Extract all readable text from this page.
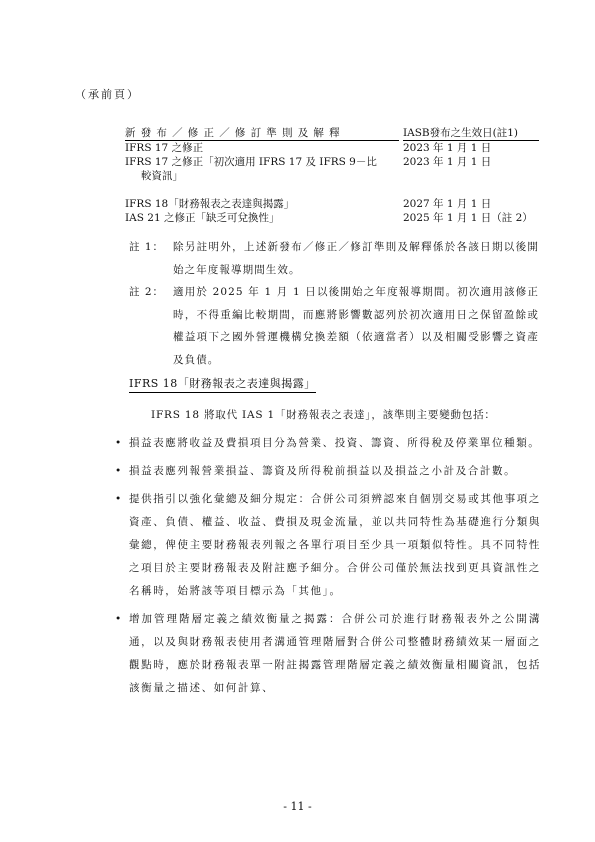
（承前頁）
新發布／修正／修訂準則及解釋	IASB發布之生效日(註1)
IFRS 17 之修正	2023 年 1 月 1 日
IFRS 17 之修正「初次適用 IFRS 17 及 IFRS 9－比	2023 年 1 月 1 日
較資訊」
IFRS 18「財務報表之表達與揭露」	2027 年 1 月 1 日
IAS 21 之修正「缺乏可兌換性」	2025 年 1 月 1 日（註 2）
註 1： 除另註明外，上述新發布／修正／修訂準則及解釋係於各該日期以後開始之年度報導期間生效。
註 2： 適用於 2025 年 1 月 1 日以後開始之年度報導期間。初次適用該修正時，不得重編比較期間，而應將影響數認列於初次適用日之保留盈餘或權益項下之國外營運機構兌換差額（依適當者）以及相關受影響之資產及負債。
IFRS 18「財務報表之表達與揭露」
IFRS 18 將取代 IAS 1「財務報表之表達」，該準則主要變動包括：
• 損益表應將收益及費損項目分為營業、投資、籌資、所得稅及停業單位種類。
• 損益表應列報營業損益、籌資及所得稅前損益以及損益之小計及合計數。
• 提供指引以強化彙總及細分規定：合併公司須辨認來自個別交易或其他事項之資產、負債、權益、收益、費損及現金流量，並以共同特性為基礎進行分類與彙總，俾使主要財務報表列報之各單行項目至少具一項類似特性。具不同特性之項目於主要財務報表及附註應予細分。合併公司僅於無法找到更具資訊性之名稱時，始將該等項目標示為「其他」。
• 增加管理階層定義之績效衡量之揭露：合併公司於進行財務報表外之公開溝通，以及與財務報表使用者溝通管理階層對合併公司整體財務績效某一層面之觀點時，應於財務報表單一附註揭露管理階層定義之績效衡量相關資訊，包括該衡量之描述、如何計算、
- 11 -
